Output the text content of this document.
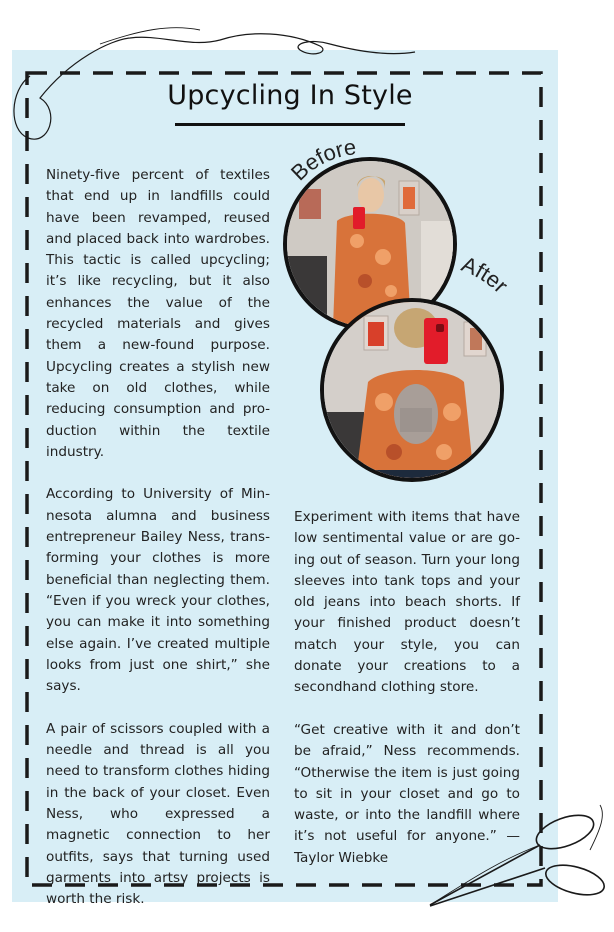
Upcycling In Style

Ninety-five percent of textiles that end up in landfills could have been revamped, reused and placed back into wardrobes. This tactic is called upcycling; it’s like recycling, but it also enhances the value of the recycled materials and gives them a new-found purpose. Upcycling creates a stylish new take on old clothes, while reducing consumption and production within the textile industry.

According to University of Minnesota alumna and business entrepreneur Bailey Ness, transforming your clothes is more beneficial than neglecting them. “Even if you wreck your clothes, you can make it into something else again. I’ve created multiple looks from just one shirt,” she says.

A pair of scissors coupled with a needle and thread is all you need to transform clothes hiding in the back of your closet. Even Ness, who expressed a magnetic connection to her outfits, says that turning used garments into artsy projects is worth the risk.

Experiment with items that have low sentimental value or are going out of season. Turn your long sleeves into tank tops and your old jeans into beach shorts. If your finished product doesn’t match your style, you can donate your creations to a secondhand clothing store.

“Get creative with it and don’t be afraid,” Ness recommends. “Otherwise the item is just going to sit in your closet and go to waste, or into the landfill where it’s not useful for anyone.” —Taylor Wiebke

Before
After
